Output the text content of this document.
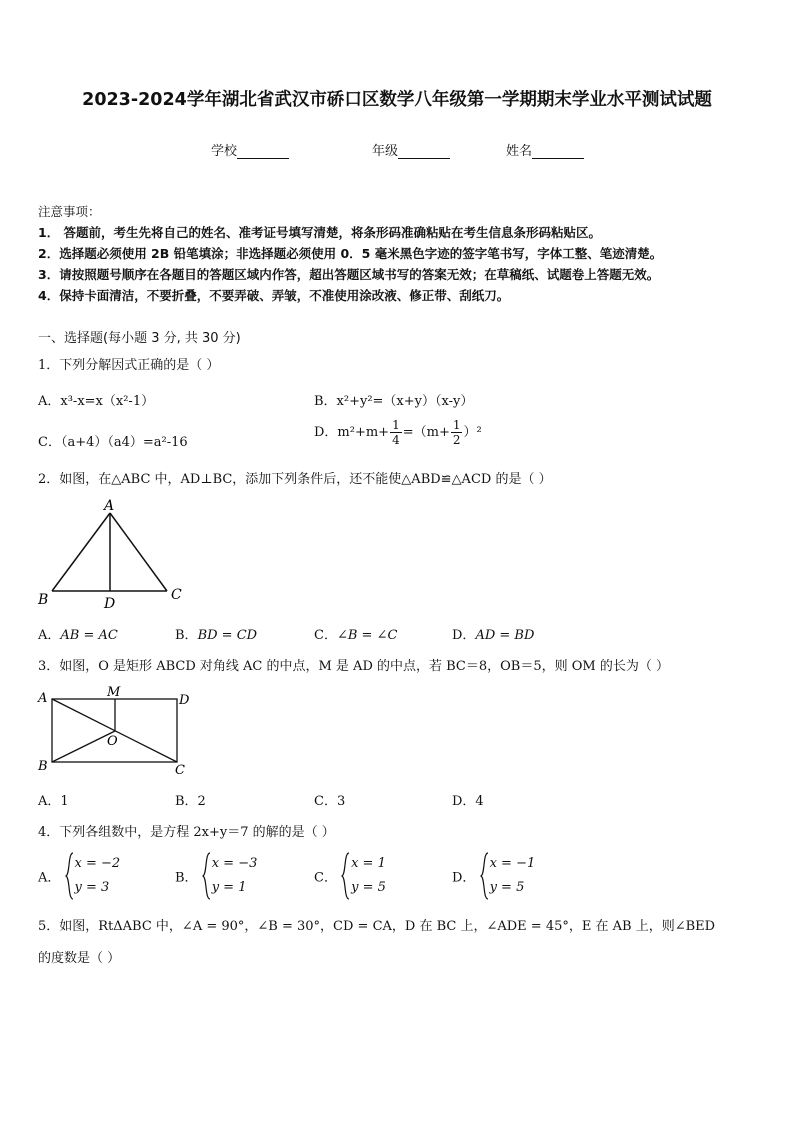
2023-2024学年湖北省武汉市硚口区数学八年级第一学期期末学业水平测试试题
学校	年级	姓名
注意事项：
1． 答题前，考生先将自己的姓名、准考证号填写清楚，将条形码准确粘贴在考生信息条形码粘贴区。
2．选择题必须使用 2B 铅笔填涂；非选择题必须使用 0．5 毫米黑色字迹的签字笔书写，字体工整、笔迹清楚。
3．请按照题号顺序在各题目的答题区域内作答，超出答题区域书写的答案无效；在草稿纸、试题卷上答题无效。
4．保持卡面清洁，不要折叠，不要弄破、弄皱，不准使用涂改液、修正带、刮纸刀。
一、选择题(每小题 3 分, 共 30 分)
1．下列分解因式正确的是（ ）
A．x³-x=x（x²-1）	B．x²+y²=（x+y）（x-y）
C．（a+4）（a4）=a²-16
D．$m^2+m+ \frac{1}{4} =(m+ \frac{1}{2} )^2$
2．如图，在△ABC 中，AD⊥BC，添加下列条件后，还不能使△ABD≌△ACD 的是（ ）
A
B	C
D
A．AB = AC	B．BD = CD	C．∠B = ∠C	D．AD = BD
3．如图，O 是矩形 ABCD 对角线 AC 的中点，M 是 AD 的中点，若 BC＝8，OB＝5，则 OM 的长为（ ）
A	M
D
O
B	C
A．1	B．2	C．3	D．4
4．下列各组数中，是方程 2x+y＝7 的解的是（ ）
A．
x = −2
y = 3
B．
x = −3
y = 1
C．
x = 1
y = 5
D．
x = −1
y = 5
5．如图，RtΔABC 中，∠A = 90°，∠B = 30°，CD = CA，D 在 BC 上，∠ADE = 45°，E 在 AB 上，则∠BED
的度数是（ ）
